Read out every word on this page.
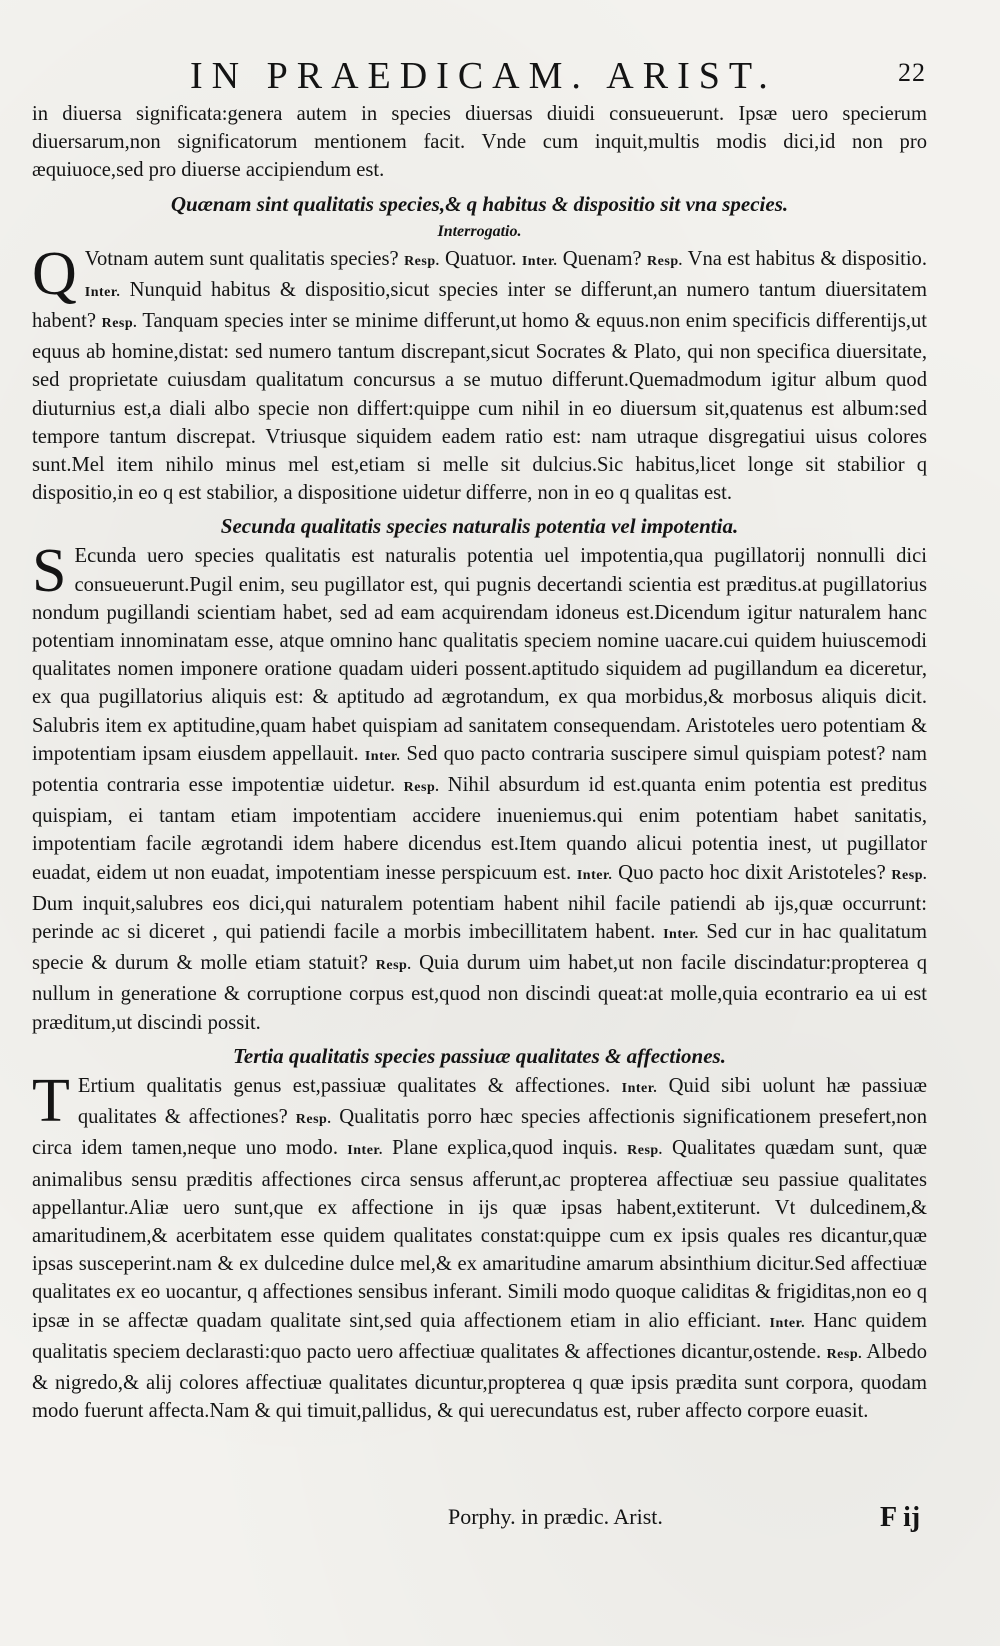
IN PRAEDICAM. ARIST.	22

in diuersa significata:genera autem in species diuersas diuidi consueuerunt. Ipsæ uero specierum diuersarum,non significatorum mentionem facit. Vnde cum inquit,multis modis dici,id non pro æquiuoce,sed pro diuerse accipiendum est.

Quænam sint qualitatis species,& q habitus & dispositio sit vna species.
Interrogatio.

Q Votnam autem sunt qualitatis species? Resp. Quatuor. Inter. Quenam? Resp. Vna est habitus & dispositio. Inter. Nunquid habitus & dispositio,sicut species inter se differunt,an numero tantum diuersitatem habent? Resp. Tanquam species inter se minime differunt,ut homo & equus.non enim specificis differentijs,ut equus ab homine,distat: sed numero tantum discrepant,sicut Socrates & Plato, qui non specifica diuersitate, sed proprietate cuiusdam qualitatum concursus a se mutuo differunt.Quemadmodum igitur album quod diuturnius est,a diali albo specie non differt:quippe cum nihil in eo diuersum sit,quatenus est album:sed tempore tantum discrepat. Vtriusque siquidem eadem ratio est: nam utraque disgregatiui uisus colores sunt.Mel item nihilo minus mel est,etiam si melle sit dulcius.Sic habitus,licet longe sit stabilior q dispositio,in eo q est stabilior, a dispositione uidetur differre, non in eo q qualitas est.

Secunda qualitatis species naturalis potentia vel impotentia.

S Ecunda uero species qualitatis est naturalis potentia uel impotentia,qua pugillatorij nonnulli dici consueuerunt.Pugil enim, seu pugillator est, qui pugnis decertandi scientia est præditus.at pugillatorius nondum pugillandi scientiam habet, sed ad eam acquirendam idoneus est.Dicendum igitur naturalem hanc potentiam innominatam esse, atque omnino hanc qualitatis speciem nomine uacare.cui quidem huiuscemodi qualitates nomen imponere oratione quadam uideri possent.aptitudo siquidem ad pugillandum ea diceretur, ex qua pugillatorius aliquis est: & aptitudo ad ægrotandum, ex qua morbidus,& morbosus aliquis dicit. Salubris item ex aptitudine,quam habet quispiam ad sanitatem consequendam. Aristoteles uero potentiam & impotentiam ipsam eiusdem appellauit. Inter. Sed quo pacto contraria suscipere simul quispiam potest? nam potentia contraria esse impotentiæ uidetur. Resp. Nihil absurdum id est.quanta enim potentia est preditus quispiam, ei tantam etiam impotentiam accidere inueniemus.qui enim potentiam habet sanitatis, impotentiam facile ægrotandi idem habere dicendus est.Item quando alicui potentia inest, ut pugillator euadat, eidem ut non euadat, impotentiam inesse perspicuum est. Inter. Quo pacto hoc dixit Aristoteles? Resp. Dum inquit,salubres eos dici,qui naturalem potentiam habent nihil facile patiendi ab ijs,quæ occurrunt: perinde ac si diceret , qui patiendi facile a morbis imbecillitatem habent. Inter. Sed cur in hac qualitatum specie & durum & molle etiam statuit? Resp. Quia durum uim habet,ut non facile discindatur:propterea q nullum in generatione & corruptione corpus est,quod non discindi queat:at molle,quia econtrario ea ui est præditum,ut discindi possit.

Tertia qualitatis species passiuæ qualitates & affectiones.

T Ertium qualitatis genus est,passiuæ qualitates & affectiones. Inter. Quid sibi uolunt hæ passiuæ qualitates & affectiones? Resp. Qualitatis porro hæc species affectionis significationem presefert,non circa idem tamen,neque uno modo. Inter. Plane explica,quod inquis. Resp. Qualitates quædam sunt, quæ animalibus sensu præditis affectiones circa sensus afferunt,ac propterea affectiuæ seu passiue qualitates appellantur.Aliæ uero sunt,que ex affectione in ijs quæ ipsas habent,extiterunt. Vt dulcedinem,& amaritudinem,& acerbitatem esse quidem qualitates constat:quippe cum ex ipsis quales res dicantur,quæ ipsas susceperint.nam & ex dulcedine dulce mel,& ex amaritudine amarum absinthium dicitur.Sed affectiuæ qualitates ex eo uocantur, q affectiones sensibus inferant. Simili modo quoque caliditas & frigiditas,non eo q ipsæ in se affectæ quadam qualitate sint,sed quia affectionem etiam in alio efficiant. Inter. Hanc quidem qualitatis speciem declarasti:quo pacto uero affectiuæ qualitates & affectiones dicantur,ostende. Resp. Albedo & nigredo,& alij colores affectiuæ qualitates dicuntur,propterea q quæ ipsis prædita sunt corpora, quodam modo fuerunt affecta.Nam & qui timuit,pallidus, & qui uerecundatus est, ruber affecto corpore euasit.

Porphy. in prædic. Arist.	F ij
